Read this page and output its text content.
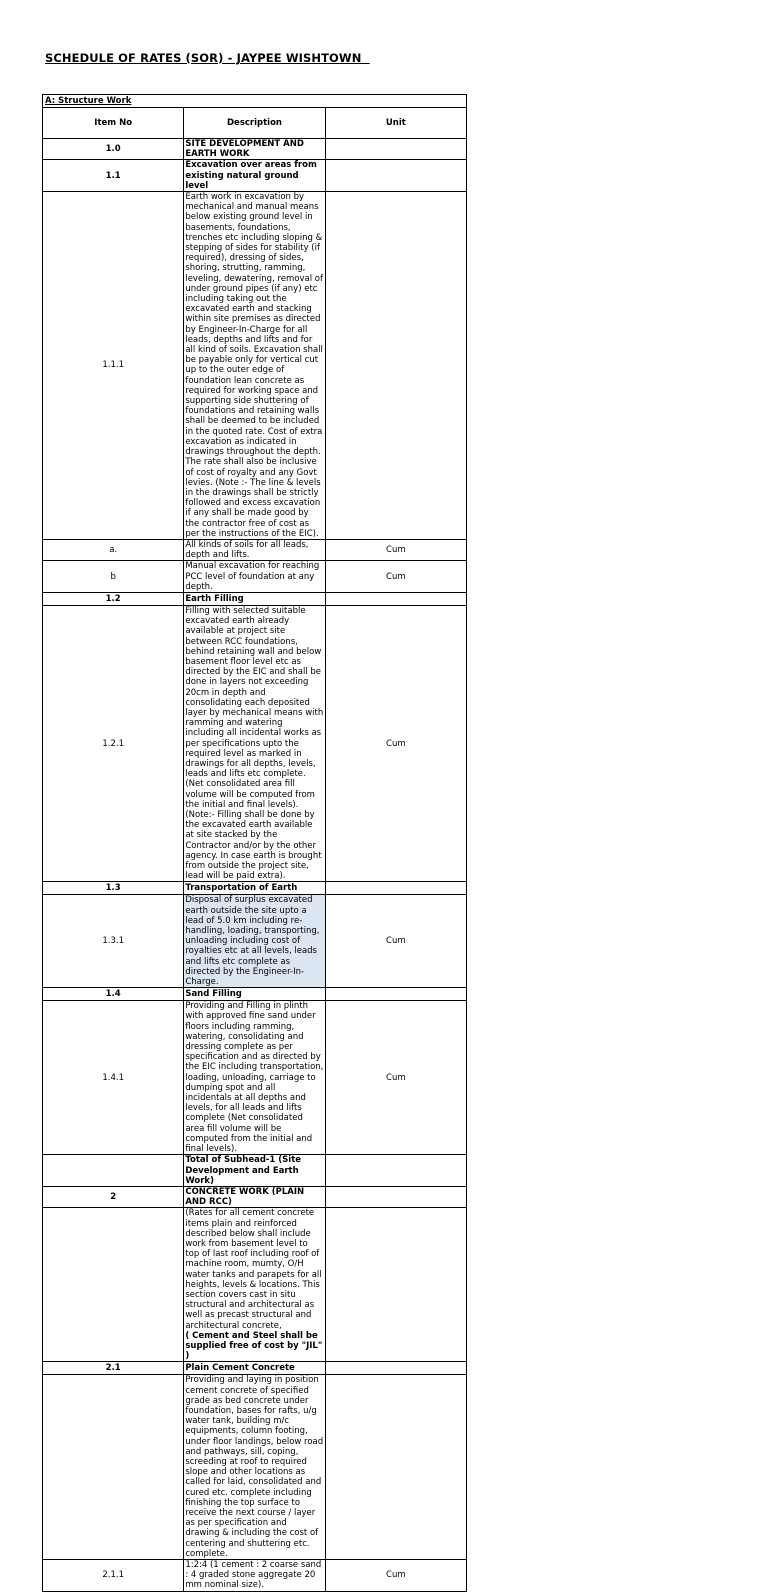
SCHEDULE OF RATES (SOR) - JAYPEE WISHTOWN
A: Structure Work		
Item No	Description	Unit
1.0	SITE DEVELOPMENT AND EARTH WORK	
1.1	Excavation over areas from existing natural ground level	
1.1.1	Earth work in excavation by mechanical and manual means below existing ground level in basements, foundations, trenches etc including sloping & stepping of sides for stability (if required), dressing of sides, shoring, strutting, ramming, leveling, dewatering, removal of under ground pipes (if any) etc including taking out the excavated earth and stacking within site premises as directed by Engineer-In-Charge for all leads, depths and lifts and for all kind of soils. Excavation shall be payable only for vertical cut up to the outer edge of foundation lean concrete as required for working space and supporting side shuttering of foundations and retaining walls shall be deemed to be included in the quoted rate. Cost of extra excavation as indicated in drawings throughout the depth. The rate shall also be inclusive of cost of royalty and any Govt levies. (Note :- The line & levels in the drawings shall be strictly followed and excess excavation if any shall be made good by the contractor free of cost as per the instructions of the EIC).	
a.	All kinds of soils for all leads, depth and lifts.	Cum
b	Manual excavation for reaching PCC level of foundation at any depth.	Cum
1.2	Earth Filling	
1.2.1	Filling with selected suitable excavated earth already available at project site between RCC foundations, behind retaining wall and below basement floor level etc as directed by the EIC and shall be done in layers not exceeding 20cm in depth and consolidating each deposited layer by mechanical means with ramming and watering including all incidental works as per specifications upto the required level as marked in drawings for all depths, levels, leads and lifts etc complete. (Net consolidated area fill volume will be computed from the initial and final levels). (Note:- Filling shall be done by the excavated earth available at site stacked by the Contractor and/or by the other agency. In case earth is brought from outside the project site, lead will be paid extra).	Cum
1.3	Transportation of Earth	
1.3.1	Disposal of surplus excavated earth outside the site upto a lead of 5.0 km including re-handling, loading, transporting, unloading including cost of royalties etc at all levels, leads and lifts etc complete as directed by the Engineer-In-Charge.	Cum
1.4	Sand Filling	
1.4.1	Providing and Filling in plinth with approved fine sand under floors including ramming, watering, consolidating and dressing complete as per specification and as directed by the EIC including transportation, loading, unloading, carriage to dumping spot and all incidentals at all depths and levels, for all leads and lifts complete (Net consolidated area fill volume will be computed from the initial and final levels).	Cum
	Total of Subhead-1 (Site Development and Earth Work)	
2	CONCRETE WORK (PLAIN AND RCC)	
	(Rates for all cement concrete items plain and reinforced described below shall include work from basement level to top of last roof including roof of machine room, mumty, O/H water tanks and parapets for all heights, levels & locations. This section covers cast in situ structural and architectural as well as precast structural and architectural concrete,
( Cement and Steel shall be supplied free of cost by "JIL" )	
2.1	Plain Cement Concrete	
	Providing and laying in position cement concrete of specified grade as bed concrete under foundation, bases for rafts, u/g water tank, building m/c equipments, column footing, under floor landings, below road and pathways, sill, coping, screeding at roof to required slope and other locations as called for laid, consolidated and cured etc. complete including finishing the top surface to receive the next course / layer as per specification and drawing & including the cost of centering and shuttering etc. complete.	
2.1.1	1:2:4 (1 cement : 2 coarse sand : 4 graded stone aggregate 20 mm nominal size).	Cum
